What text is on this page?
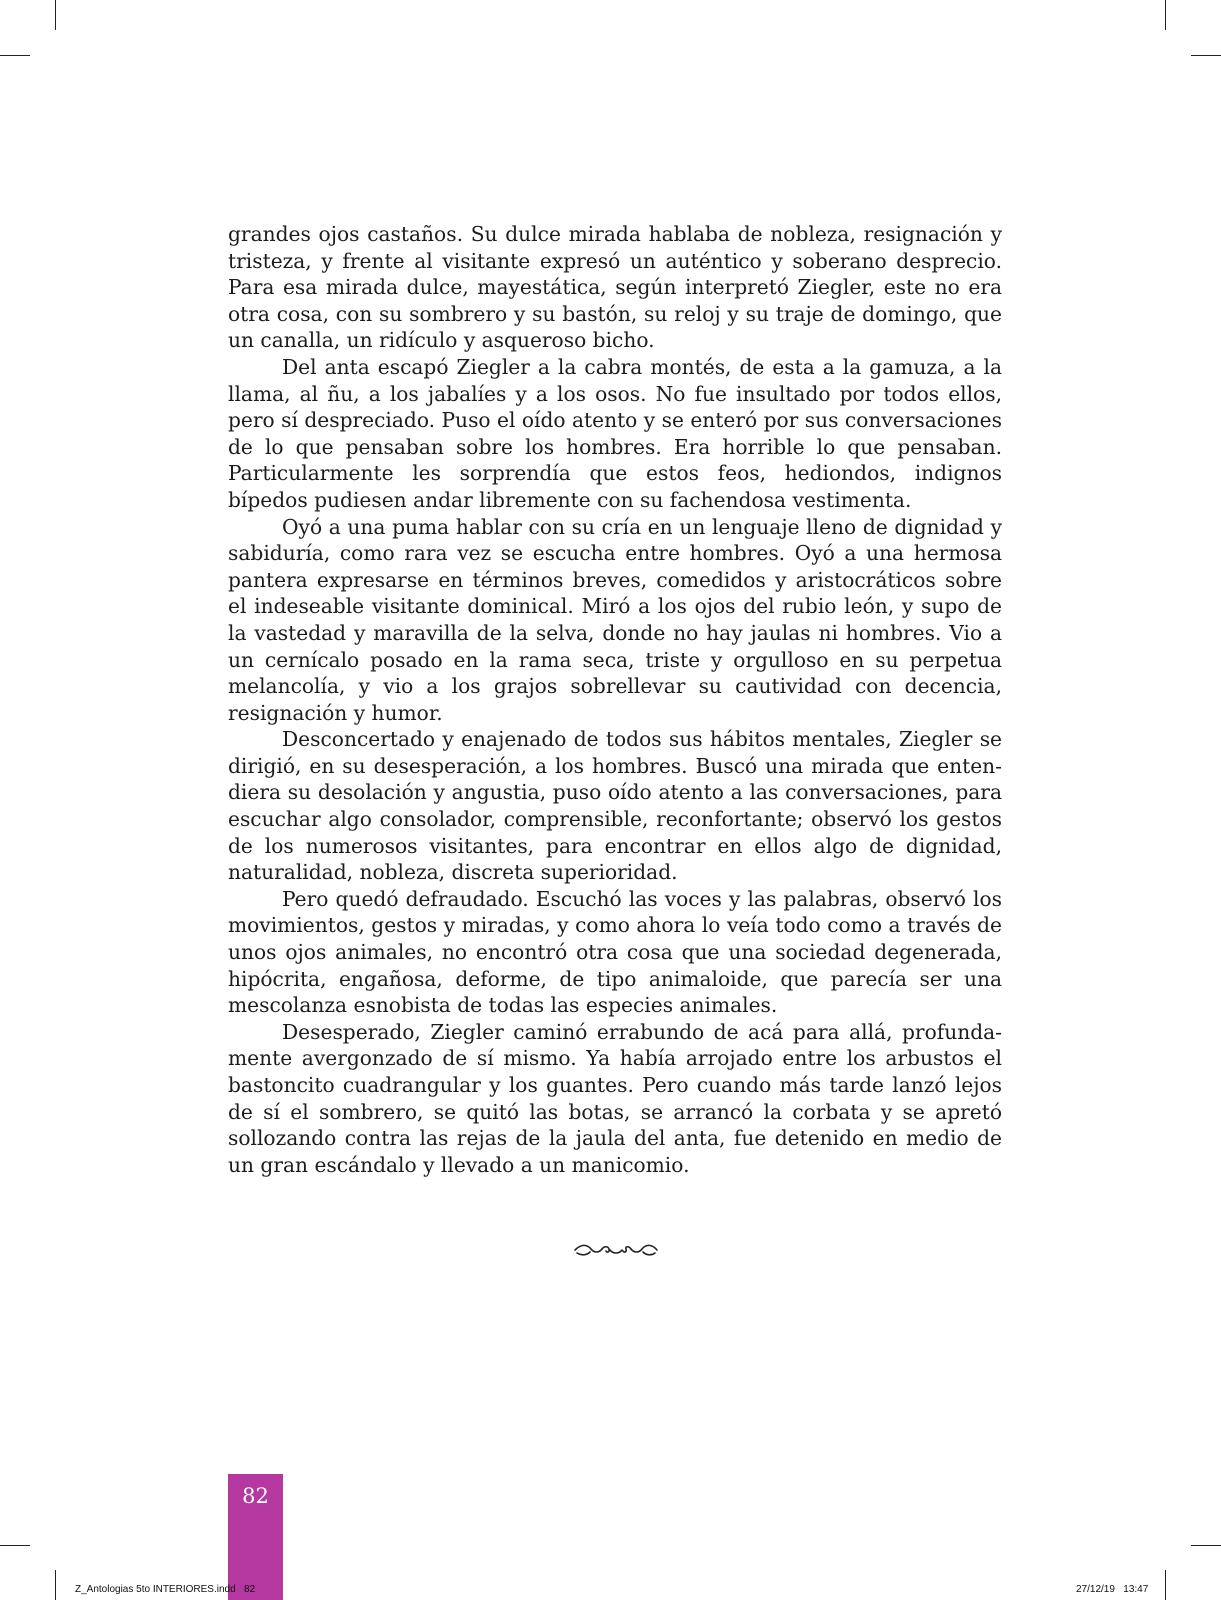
grandes ojos castaños. Su dulce mirada hablaba de nobleza, resignación y tristeza, y frente al visitante expresó un auténtico y soberano desprecio. Para esa mirada dulce, mayestática, según interpretó Ziegler, este no era otra cosa, con su sombrero y su bastón, su reloj y su traje de domingo, que un canalla, un ridículo y asqueroso bicho.

Del anta escapó Ziegler a la cabra montés, de esta a la gamuza, a la llama, al ñu, a los jabalíes y a los osos. No fue insultado por todos ellos, pero sí despreciado. Puso el oído atento y se enteró por sus conversaciones de lo que pensaban sobre los hombres. Era horrible lo que pensaban. Particularmente les sorprendía que estos feos, hediondos, indignos bípedos pudiesen andar libremente con su fachendosa vestimenta.

Oyó a una puma hablar con su cría en un lenguaje lleno de dignidad y sabiduría, como rara vez se escucha entre hombres. Oyó a una hermosa pantera expresarse en términos breves, comedidos y aristocráticos sobre el indeseable visitante dominical. Miró a los ojos del rubio león, y supo de la vastedad y maravilla de la selva, donde no hay jaulas ni hombres. Vio a un cernícalo posado en la rama seca, triste y orgulloso en su perpetua melancolía, y vio a los grajos sobrellevar su cautividad con decencia, resignación y humor.

Desconcertado y enajenado de todos sus hábitos mentales, Ziegler se dirigió, en su desesperación, a los hombres. Buscó una mirada que entendiera su desolación y angustia, puso oído atento a las conversaciones, para escuchar algo consolador, comprensible, reconfortante; observó los gestos de los numerosos visitantes, para encontrar en ellos algo de dignidad, naturalidad, nobleza, discreta superioridad.

Pero quedó defraudado. Escuchó las voces y las palabras, observó los movimientos, gestos y miradas, y como ahora lo veía todo como a través de unos ojos animales, no encontró otra cosa que una sociedad degenerada, hipócrita, engañosa, deforme, de tipo animaloide, que parecía ser una mescolanza esnobista de todas las especies animales.

Desesperado, Ziegler caminó errabundo de acá para allá, profundamente avergonzado de sí mismo. Ya había arrojado entre los arbustos el bastoncito cuadrangular y los guantes. Pero cuando más tarde lanzó lejos de sí el sombrero, se quitó las botas, se arrancó la corbata y se apretó sollozando contra las rejas de la jaula del anta, fue detenido en medio de un gran escándalo y llevado a un manicomio.

82
Z_Antologias 5to INTERIORES.indd   82	27/12/19   13:47
